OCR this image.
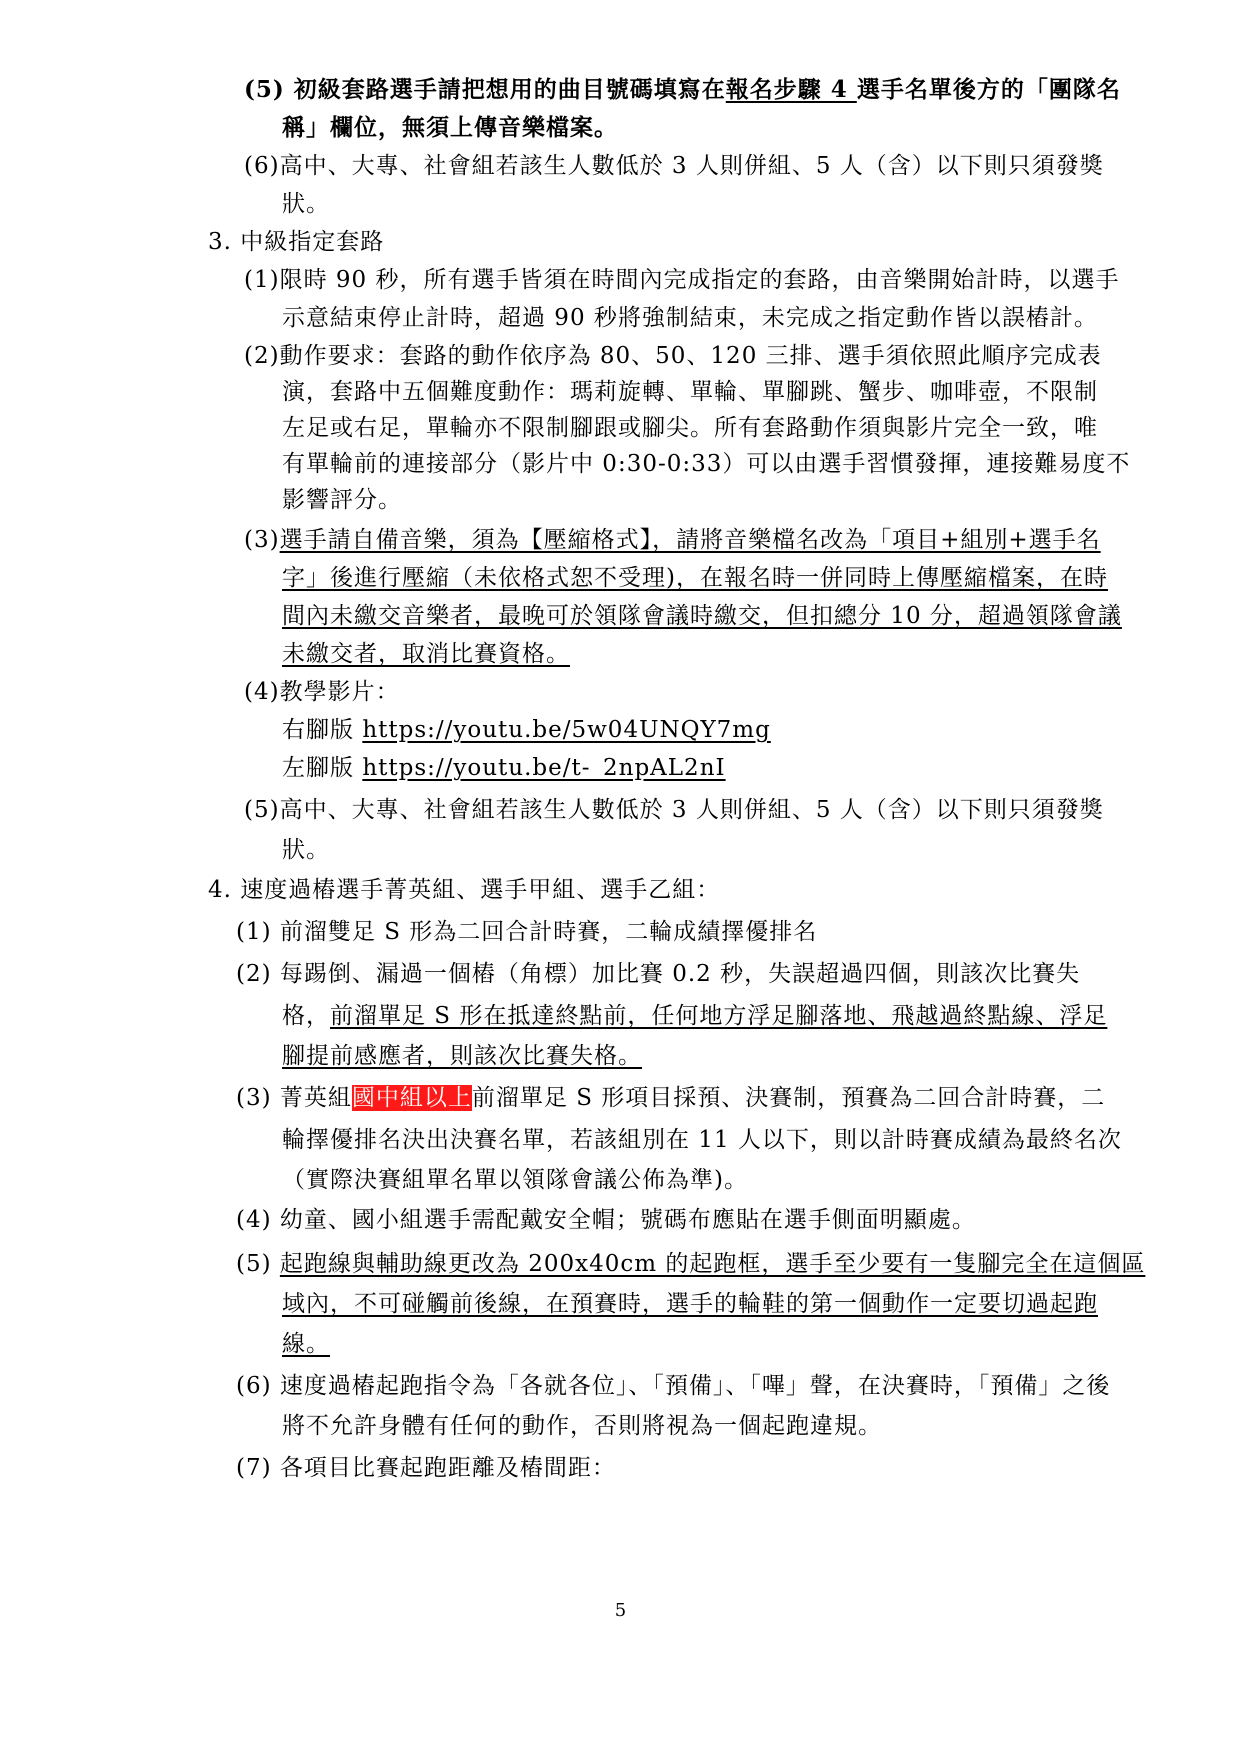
(5) 初級套路選手請把想用的曲目號碼填寫在報名步驟 4 選手名單後方的「團隊名
稱」欄位，無須上傳音樂檔案。
(6)高中、大專、社會組若該生人數低於 3 人則併組、5 人（含）以下則只須發獎
狀。
3. 中級指定套路
(1)限時 90 秒，所有選手皆須在時間內完成指定的套路，由音樂開始計時，以選手
示意結束停止計時，超過 90 秒將強制結束，未完成之指定動作皆以誤樁計。
(2)動作要求：套路的動作依序為 80、50、120 三排、選手須依照此順序完成表
演，套路中五個難度動作：瑪莉旋轉、單輪、單腳跳、蟹步、咖啡壺，不限制
左足或右足，單輪亦不限制腳跟或腳尖。所有套路動作須與影片完全一致，唯
有單輪前的連接部分（影片中 0:30-0:33）可以由選手習慣發揮，連接難易度不
影響評分。
(3)選手請自備音樂，須為【壓縮格式】，請將音樂檔名改為「項目+組別+選手名
字」後進行壓縮（未依格式恕不受理)，在報名時一併同時上傳壓縮檔案，在時
間內未繳交音樂者，最晚可於領隊會議時繳交，但扣總分 10 分，超過領隊會議
未繳交者，取消比賽資格。
(4)教學影片：
右腳版 https://youtu.be/5w04UNQY7mg
左腳版 https://youtu.be/t-_2npAL2nI
(5)高中、大專、社會組若該生人數低於 3 人則併組、5 人（含）以下則只須發獎
狀。
4. 速度過樁選手菁英組、選手甲組、選手乙組：
(1) 前溜雙足 S 形為二回合計時賽，二輪成績擇優排名
(2) 每踢倒、漏過一個樁（角標）加比賽 0.2 秒，失誤超過四個，則該次比賽失
格，前溜單足 S 形在抵達終點前，任何地方浮足腳落地、飛越過終點線、浮足
腳提前感應者，則該次比賽失格。
(3) 菁英組國中組以上前溜單足 S 形項目採預、決賽制，預賽為二回合計時賽，二
輪擇優排名決出決賽名單，若該組別在 11 人以下，則以計時賽成績為最終名次
（實際決賽組單名單以領隊會議公佈為準)。
(4) 幼童、國小組選手需配戴安全帽；號碼布應貼在選手側面明顯處。
(5) 起跑線與輔助線更改為 200x40cm 的起跑框，選手至少要有一隻腳完全在這個區
域內，不可碰觸前後線，在預賽時，選手的輪鞋的第一個動作一定要切過起跑
線。
(6) 速度過樁起跑指令為「各就各位」、「預備」、「嗶」聲，在決賽時，「預備」之後
將不允許身體有任何的動作，否則將視為一個起跑違規。
(7) 各項目比賽起跑距離及樁間距：
5
